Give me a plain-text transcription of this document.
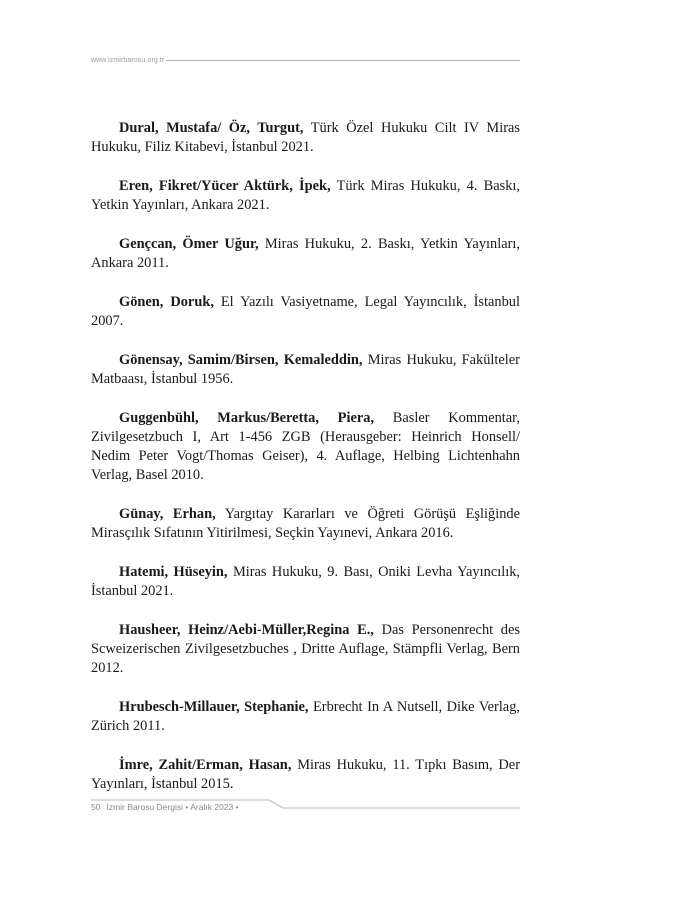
www.izmirbarosu.org.tr
Dural, Mustafa/ Öz, Turgut, Türk Özel Hukuku Cilt IV Miras Hukuku, Filiz Kitabevi, İstanbul 2021.
Eren, Fikret/Yücer Aktürk, İpek, Türk Miras Hukuku, 4. Baskı, Yetkin Yayınları, Ankara 2021.
Gençcan, Ömer Uğur, Miras Hukuku, 2. Baskı, Yetkin Yayınları, Ankara 2011.
Gönen, Doruk, El Yazılı Vasiyetname, Legal Yayıncılık, İstanbul 2007.
Gönensay, Samim/Birsen, Kemaleddin, Miras Hukuku, Fakülteler Matbaası, İstanbul 1956.
Guggenbühl, Markus/Beretta, Piera, Basler Kommentar, Zivilgesetzbuch I, Art 1-456 ZGB (Herausgeber: Heinrich Honsell/ Nedim Peter Vogt/Thomas Geiser), 4. Auflage, Helbing Lichtenhahn Verlag, Basel 2010.
Günay, Erhan, Yargıtay Kararları ve Öğreti Görüşü Eşliğinde Mirasçılık Sıfatının Yitirilmesi, Seçkin Yayınevi, Ankara 2016.
Hatemi, Hüseyin, Miras Hukuku, 9. Bası, Oniki Levha Yayıncılık, İstanbul 2021.
Hausheer, Heinz/Aebi-Müller,Regina E., Das Personenrecht des Scweizerischen Zivilgesetzbuches , Dritte Auflage, Stämpfli Verlag, Bern 2012.
Hrubesch-Millauer, Stephanie, Erbrecht In A Nutsell, Dike Verlag, Zürich 2011.
İmre, Zahit/Erman, Hasan, Miras Hukuku, 11. Tıpkı Basım, Der Yayınları, İstanbul 2015.
50 İzmir Barosu Dergisi • Aralık 2023 •
